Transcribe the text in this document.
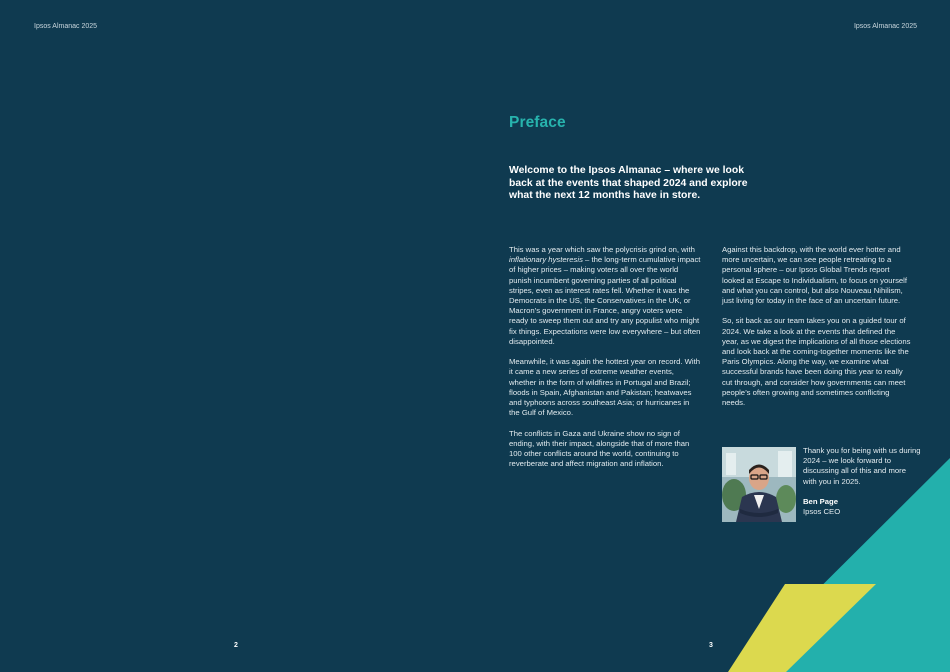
Ipsos Almanac 2025	Ipsos Almanac 2025
Preface
Welcome to the Ipsos Almanac – where we look back at the events that shaped 2024 and explore what the next 12 months have in store.

This was a year which saw the polycrisis grind on, with inflationary hysteresis – the long-term cumulative impact of higher prices – making voters all over the world punish incumbent governing parties of all political stripes, even as interest rates fell. Whether it was the Democrats in the US, the Conservatives in the UK, or Macron’s government in France, angry voters were ready to sweep them out and try any populist who might fix things. Expectations were low everywhere – but often disappointed.

Meanwhile, it was again the hottest year on record. With it came a new series of extreme weather events, whether in the form of wildfires in Portugal and Brazil; floods in Spain, Afghanistan and Pakistan; heatwaves and typhoons across southeast Asia; or hurricanes in the Gulf of Mexico.

The conflicts in Gaza and Ukraine show no sign of ending, with their impact, alongside that of more than 100 other conflicts around the world, continuing to reverberate and affect migration and inflation.

Against this backdrop, with the world ever hotter and more uncertain, we can see people retreating to a personal sphere – our Ipsos Global Trends report looked at Escape to Individualism, to focus on yourself and what you can control, but also Nouveau Nihilism, just living for today in the face of an uncertain future.

So, sit back as our team takes you on a guided tour of 2024. We take a look at the events that defined the year, as we digest the implications of all those elections and look back at the coming-together moments like the Paris Olympics. Along the way, we examine what successful brands have been doing this year to really cut through, and consider how governments can meet people’s often growing and sometimes conflicting needs.

Thank you for being with us during 2024 – we look forward to discussing all of this and more with you in 2025.

Ben Page
Ipsos CEO
2	3
